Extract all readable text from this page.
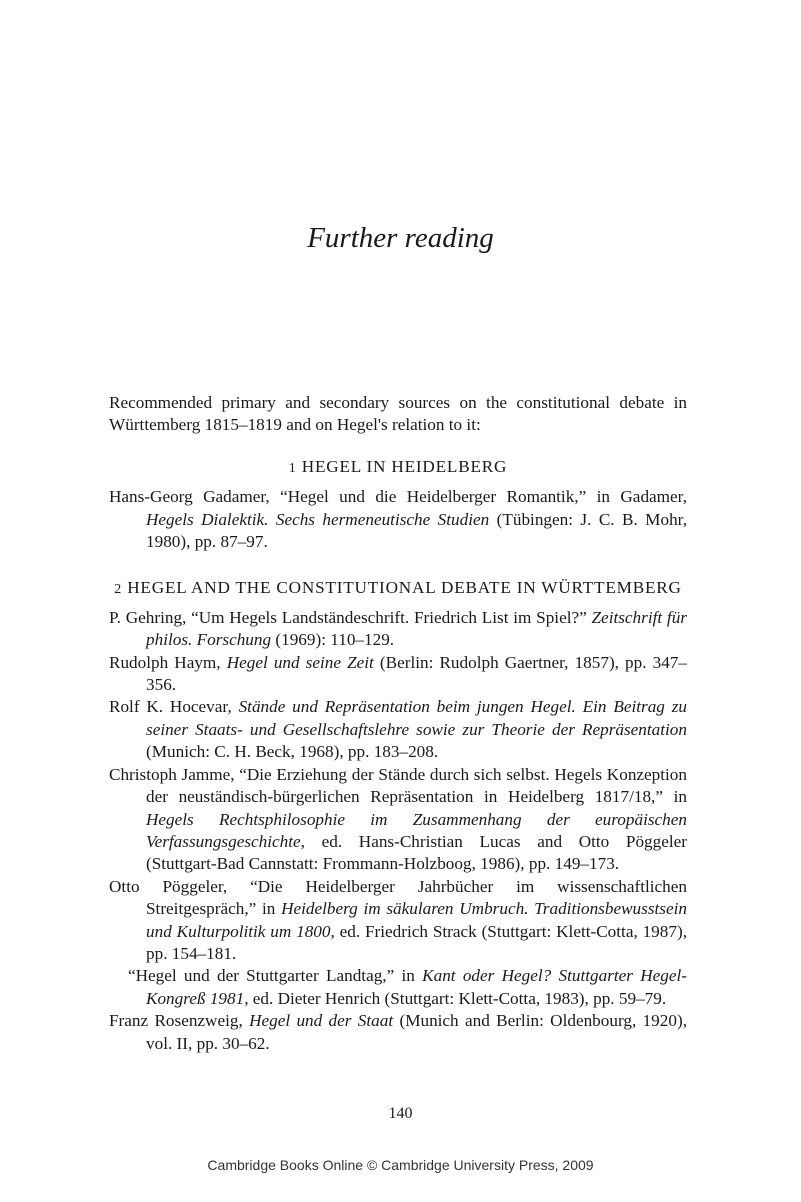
Further reading

Recommended primary and secondary sources on the constitutional debate in Württemberg 1815–1819 and on Hegel's relation to it:

1 HEGEL IN HEIDELBERG

Hans-Georg Gadamer, “Hegel und die Heidelberger Romantik,” in Gadamer, Hegels Dialektik. Sechs hermeneutische Studien (Tübingen: J. C. B. Mohr, 1980), pp. 87–97.

2 HEGEL AND THE CONSTITUTIONAL DEBATE IN WÜRTTEMBERG

P. Gehring, “Um Hegels Landständeschrift. Friedrich List im Spiel?” Zeitschrift für philos. Forschung (1969): 110–129.

Rudolph Haym, Hegel und seine Zeit (Berlin: Rudolph Gaertner, 1857), pp. 347–356.

Rolf K. Hocevar, Stände und Repräsentation beim jungen Hegel. Ein Beitrag zu seiner Staats- und Gesellschaftslehre sowie zur Theorie der Repräsentation (Munich: C. H. Beck, 1968), pp. 183–208.

Christoph Jamme, “Die Erziehung der Stände durch sich selbst. Hegels Konzeption der neuständisch-bürgerlichen Repräsentation in Heidelberg 1817/18,” in Hegels Rechtsphilosophie im Zusammenhang der europäischen Verfassungsgeschichte, ed. Hans-Christian Lucas and Otto Pöggeler (Stuttgart-Bad Cannstatt: Frommann-Holzboog, 1986), pp. 149–173.

Otto Pöggeler, “Die Heidelberger Jahrbücher im wissenschaftlichen Streitgespräch,” in Heidelberg im säkularen Umbruch. Traditionsbewusstsein und Kulturpolitik um 1800, ed. Friedrich Strack (Stuttgart: Klett-Cotta, 1987), pp. 154–181.

“Hegel und der Stuttgarter Landtag,” in Kant oder Hegel? Stuttgarter Hegel-Kongreß 1981, ed. Dieter Henrich (Stuttgart: Klett-Cotta, 1983), pp. 59–79.

Franz Rosenzweig, Hegel und der Staat (Munich and Berlin: Oldenbourg, 1920), vol. II, pp. 30–62.

140

Cambridge Books Online © Cambridge University Press, 2009
